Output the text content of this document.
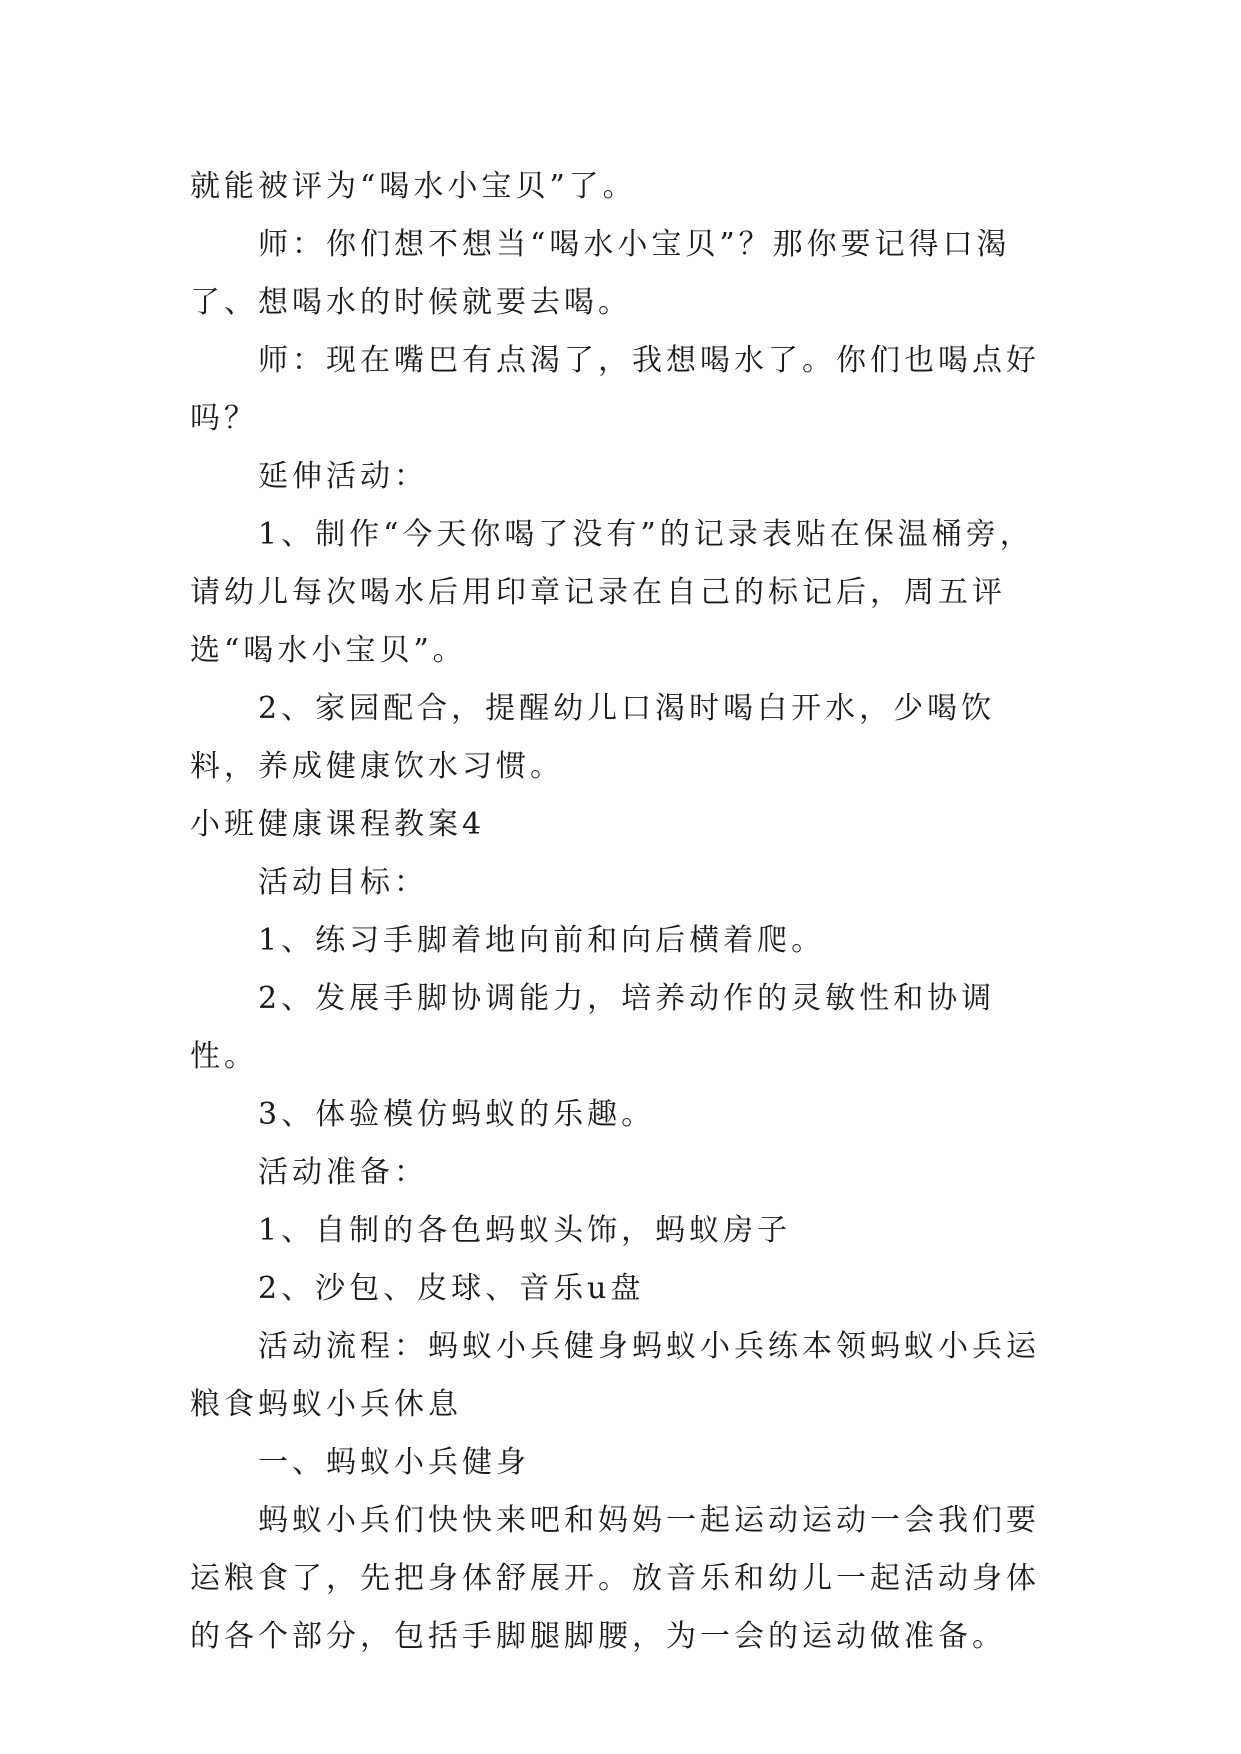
就能被评为“喝水小宝贝”了。

师：你们想不想当“喝水小宝贝”？那你要记得口渴了、想喝水的时候就要去喝。

师：现在嘴巴有点渴了，我想喝水了。你们也喝点好吗？

延伸活动：

1、制作“今天你喝了没有”的记录表贴在保温桶旁，请幼儿每次喝水后用印章记录在自己的标记后，周五评选“喝水小宝贝”。

2、家园配合，提醒幼儿口渴时喝白开水，少喝饮料，养成健康饮水习惯。

小班健康课程教案4

活动目标：

1、练习手脚着地向前和向后横着爬。

2、发展手脚协调能力，培养动作的灵敏性和协调性。

3、体验模仿蚂蚁的乐趣。

活动准备：

1、自制的各色蚂蚁头饰，蚂蚁房子

2、沙包、皮球、音乐u盘

活动流程：蚂蚁小兵健身蚂蚁小兵练本领蚂蚁小兵运粮食蚂蚁小兵休息

一、蚂蚁小兵健身

蚂蚁小兵们快快来吧和妈妈一起运动运动一会我们要运粮食了，先把身体舒展开。放音乐和幼儿一起活动身体的各个部分，包括手脚腿脚腰，为一会的运动做准备。
